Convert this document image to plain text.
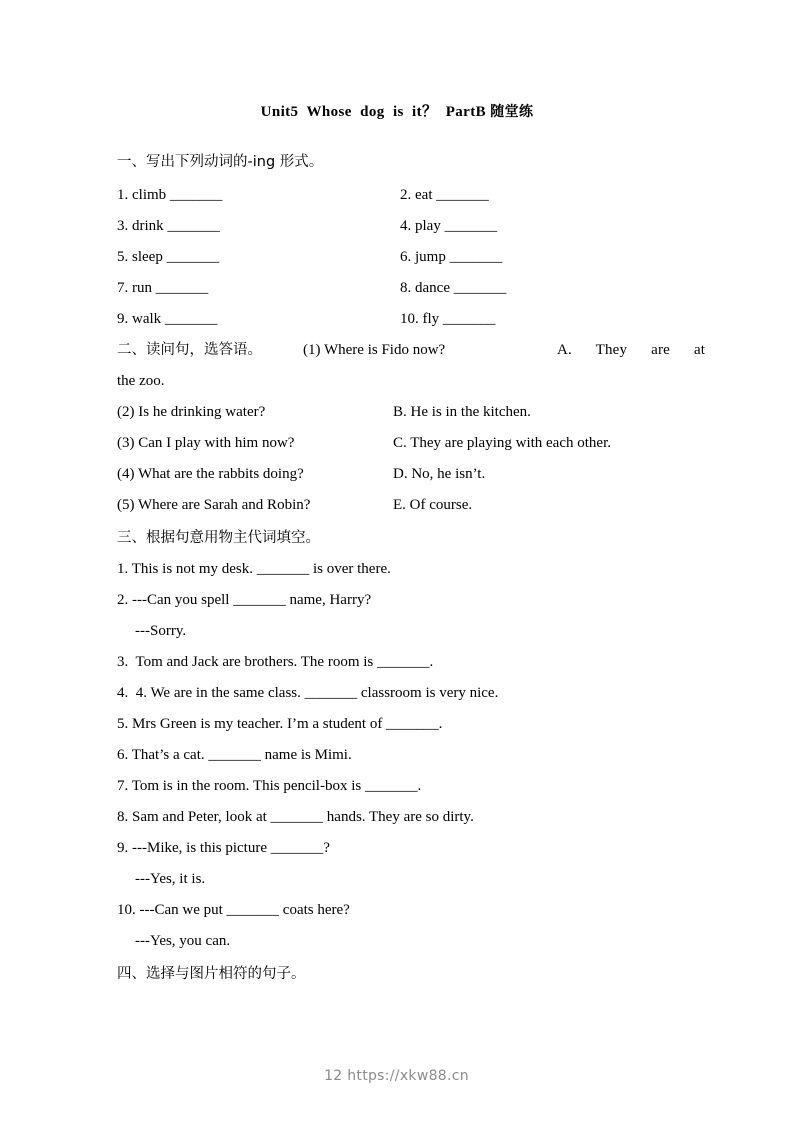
Unit5  Whose  dog  is  it？  PartB 随堂练

一、写出下列动词的-ing 形式。

1. climb _______	2. eat _______
3. drink _______	4. play _______
5. sleep _______	6. jump _______
7. run _______	8. dance _______
9. walk _______	10. fly _______
二、读问句，选答语。	(1) Where is Fido now?	A.  They  are  at

the zoo.

(2) Is he drinking water?	B. He is in the kitchen.
(3) Can I play with him now?	C. They are playing with each other.
(4) What are the rabbits doing?	D. No, he isn’t.
(5) Where are Sarah and Robin?	E. Of course.

三、根据句意用物主代词填空。

1. This is not my desk. _______ is over there.

2. ---Can you spell _______ name, Harry?

---Sorry.

3.  Tom and Jack are brothers. The room is _______.

4.  4. We are in the same class. _______ classroom is very nice.

5. Mrs Green is my teacher. I’m a student of _______.

6. That’s a cat. _______ name is Mimi.

7. Tom is in the room. This pencil-box is _______.

8. Sam and Peter, look at _______ hands. They are so dirty.

9. ---Mike, is this picture _______?

---Yes, it is.

10. ---Can we put _______ coats here?

---Yes, you can.

四、选择与图片相符的句子。

12 https://xkw88.cn
